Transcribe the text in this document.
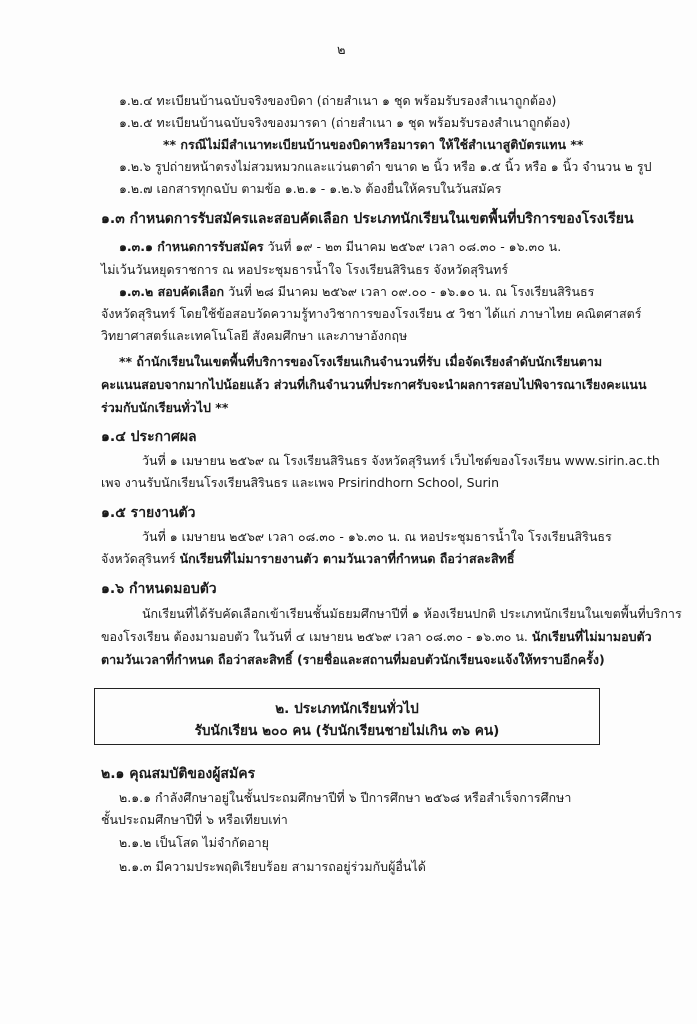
๒
๑.๒.๔ ทะเบียนบ้านฉบับจริงของบิดา (ถ่ายสำเนา ๑ ชุด พร้อมรับรองสำเนาถูกต้อง)
๑.๒.๕ ทะเบียนบ้านฉบับจริงของมารดา (ถ่ายสำเนา ๑ ชุด พร้อมรับรองสำเนาถูกต้อง)
** กรณีไม่มีสำเนาทะเบียนบ้านของบิดาหรือมารดา ให้ใช้สำเนาสูติบัตรแทน **
๑.๒.๖ รูปถ่ายหน้าตรงไม่สวมหมวกและแว่นตาดำ ขนาด ๒ นิ้ว หรือ ๑.๕ นิ้ว หรือ ๑ นิ้ว จำนวน ๒ รูป
๑.๒.๗ เอกสารทุกฉบับ ตามข้อ ๑.๒.๑ - ๑.๒.๖ ต้องยื่นให้ครบในวันสมัคร
๑.๓ กำหนดการรับสมัครและสอบคัดเลือก ประเภทนักเรียนในเขตพื้นที่บริการของโรงเรียน
๑.๓.๑ กำหนดการรับสมัคร วันที่ ๑๙ - ๒๓ มีนาคม ๒๕๖๙ เวลา ๐๘.๓๐ - ๑๖.๓๐ น.
ไม่เว้นวันหยุดราชการ ณ หอประชุมธารน้ำใจ โรงเรียนสิรินธร จังหวัดสุรินทร์
๑.๓.๒ สอบคัดเลือก วันที่ ๒๘ มีนาคม ๒๕๖๙ เวลา ๐๙.๐๐ - ๑๖.๑๐ น. ณ โรงเรียนสิรินธร
จังหวัดสุรินทร์ โดยใช้ข้อสอบวัดความรู้ทางวิชาการของโรงเรียน ๕ วิชา ได้แก่ ภาษาไทย คณิตศาสตร์
วิทยาศาสตร์และเทคโนโลยี สังคมศึกษา และภาษาอังกฤษ
** ถ้านักเรียนในเขตพื้นที่บริการของโรงเรียนเกินจำนวนที่รับ เมื่อจัดเรียงลำดับนักเรียนตาม
คะแนนสอบจากมากไปน้อยแล้ว ส่วนที่เกินจำนวนที่ประกาศรับจะนำผลการสอบไปพิจารณาเรียงคะแนน
ร่วมกับนักเรียนทั่วไป **
๑.๔ ประกาศผล
วันที่ ๑ เมษายน ๒๕๖๙ ณ โรงเรียนสิรินธร จังหวัดสุรินทร์ เว็บไซต์ของโรงเรียน www.sirin.ac.th
เพจ งานรับนักเรียนโรงเรียนสิรินธร และเพจ Prsirindhorn School, Surin
๑.๕ รายงานตัว
วันที่ ๑ เมษายน ๒๕๖๙ เวลา ๐๘.๓๐ - ๑๖.๓๐ น. ณ หอประชุมธารน้ำใจ โรงเรียนสิรินธร
จังหวัดสุรินทร์ นักเรียนที่ไม่มารายงานตัว ตามวันเวลาที่กำหนด ถือว่าสละสิทธิ์
๑.๖ กำหนดมอบตัว
นักเรียนที่ได้รับคัดเลือกเข้าเรียนชั้นมัธยมศึกษาปีที่ ๑ ห้องเรียนปกติ ประเภทนักเรียนในเขตพื้นที่บริการ
ของโรงเรียน ต้องมามอบตัว ในวันที่ ๔ เมษายน ๒๕๖๙ เวลา ๐๘.๓๐ - ๑๖.๓๐ น. นักเรียนที่ไม่มามอบตัว
ตามวันเวลาที่กำหนด ถือว่าสละสิทธิ์ (รายชื่อและสถานที่มอบตัวนักเรียนจะแจ้งให้ทราบอีกครั้ง)
๒. ประเภทนักเรียนทั่วไป
รับนักเรียน ๒๐๐ คน (รับนักเรียนชายไม่เกิน ๓๖ คน)
๒.๑ คุณสมบัติของผู้สมัคร
๒.๑.๑ กำลังศึกษาอยู่ในชั้นประถมศึกษาปีที่ ๖ ปีการศึกษา ๒๕๖๘ หรือสำเร็จการศึกษา
ชั้นประถมศึกษาปีที่ ๖ หรือเทียบเท่า
๒.๑.๒ เป็นโสด ไม่จำกัดอายุ
๒.๑.๓ มีความประพฤติเรียบร้อย สามารถอยู่ร่วมกับผู้อื่นได้
